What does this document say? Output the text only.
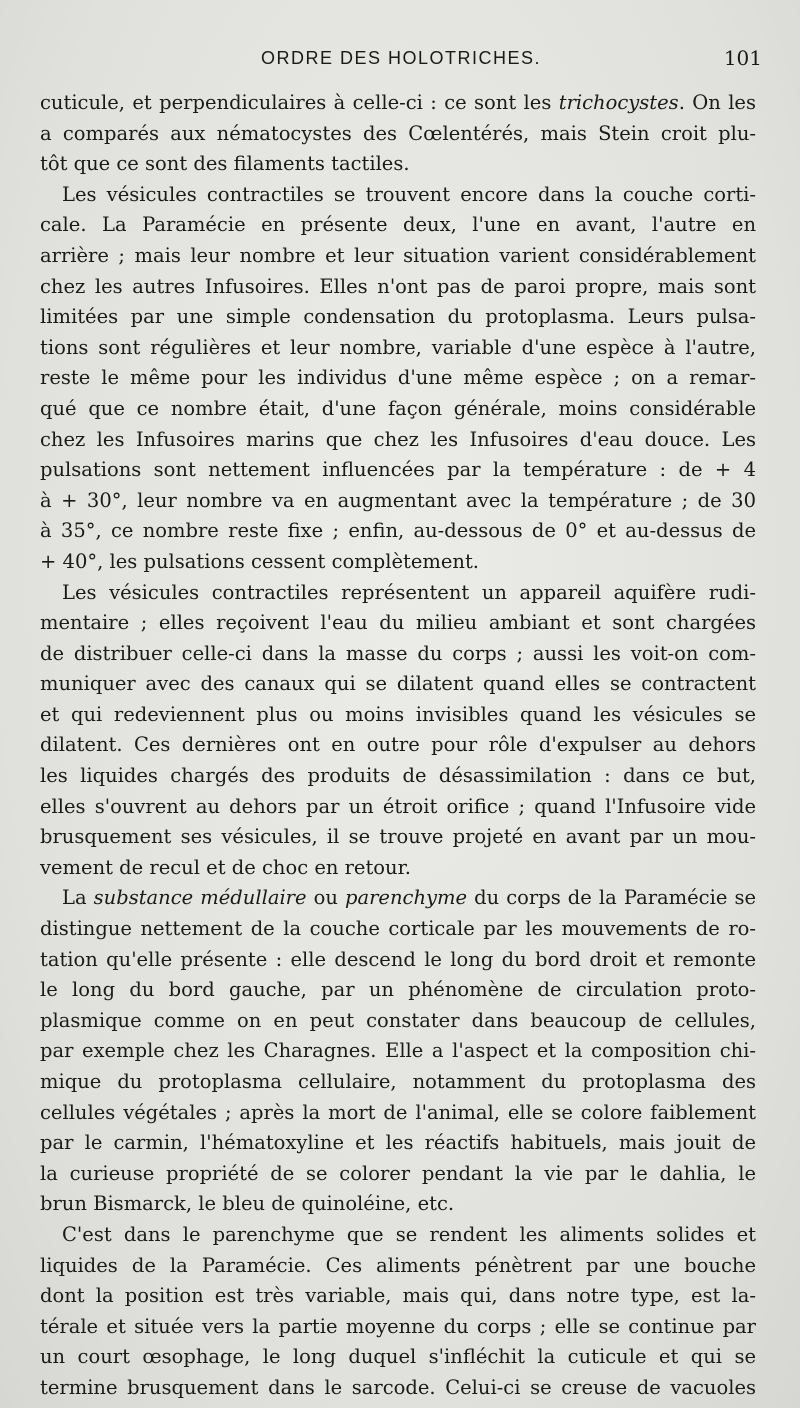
ORDRE DES HOLOTRICHES.	101
cuticule, et perpendiculaires à celle-ci : ce sont les trichocystes. On les
a comparés aux nématocystes des Cœlentérés, mais Stein croit plu-
tôt que ce sont des filaments tactiles.
Les vésicules contractiles se trouvent encore dans la couche corti-
cale. La Paramécie en présente deux, l'une en avant, l'autre en
arrière ; mais leur nombre et leur situation varient considérablement
chez les autres Infusoires. Elles n'ont pas de paroi propre, mais sont
limitées par une simple condensation du protoplasma. Leurs pulsa-
tions sont régulières et leur nombre, variable d'une espèce à l'autre,
reste le même pour les individus d'une même espèce ; on a remar-
qué que ce nombre était, d'une façon générale, moins considérable
chez les Infusoires marins que chez les Infusoires d'eau douce. Les
pulsations sont nettement influencées par la température : de + 4
à + 30°, leur nombre va en augmentant avec la température ; de 30
à 35°, ce nombre reste fixe ; enfin, au-dessous de 0° et au-dessus de
+ 40°, les pulsations cessent complètement.
Les vésicules contractiles représentent un appareil aquifère rudi-
mentaire ; elles reçoivent l'eau du milieu ambiant et sont chargées
de distribuer celle-ci dans la masse du corps ; aussi les voit-on com-
muniquer avec des canaux qui se dilatent quand elles se contractent
et qui redeviennent plus ou moins invisibles quand les vésicules se
dilatent. Ces dernières ont en outre pour rôle d'expulser au dehors
les liquides chargés des produits de désassimilation : dans ce but,
elles s'ouvrent au dehors par un étroit orifice ; quand l'Infusoire vide
brusquement ses vésicules, il se trouve projeté en avant par un mou-
vement de recul et de choc en retour.
La substance médullaire ou parenchyme du corps de la Paramécie se
distingue nettement de la couche corticale par les mouvements de ro-
tation qu'elle présente : elle descend le long du bord droit et remonte
le long du bord gauche, par un phénomène de circulation proto-
plasmique comme on en peut constater dans beaucoup de cellules,
par exemple chez les Charagnes. Elle a l'aspect et la composition chi-
mique du protoplasma cellulaire, notamment du protoplasma des
cellules végétales ; après la mort de l'animal, elle se colore faiblement
par le carmin, l'hématoxyline et les réactifs habituels, mais jouit de
la curieuse propriété de se colorer pendant la vie par le dahlia, le
brun Bismarck, le bleu de quinoléine, etc.
C'est dans le parenchyme que se rendent les aliments solides et
liquides de la Paramécie. Ces aliments pénètrent par une bouche
dont la position est très variable, mais qui, dans notre type, est la-
térale et située vers la partie moyenne du corps ; elle se continue par
un court œsophage, le long duquel s'infléchit la cuticule et qui se
termine brusquement dans le sarcode. Celui-ci se creuse de vacuoles
